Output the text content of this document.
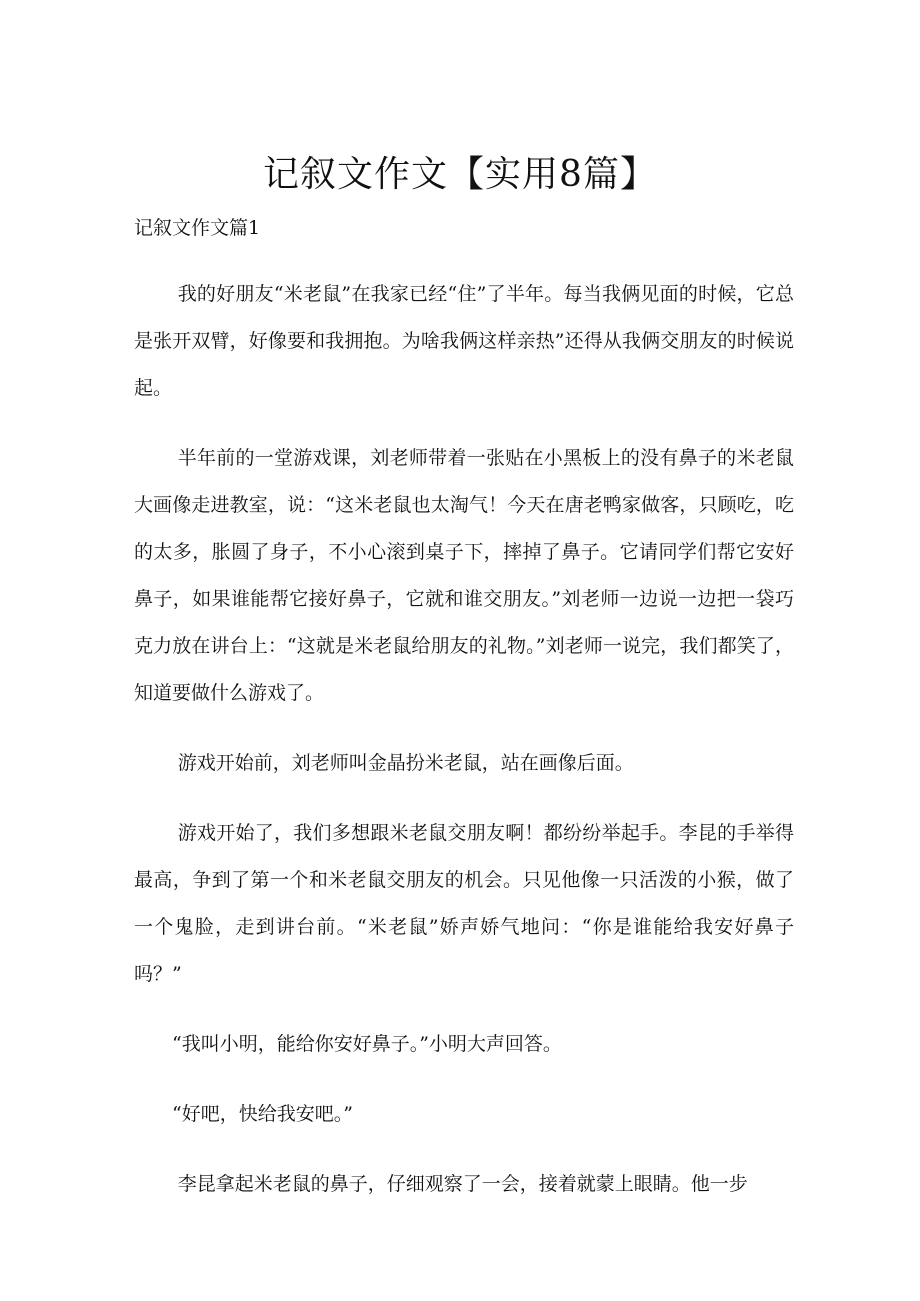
记叙文作文【实用8篇】
记叙文作文篇1

我的好朋友“米老鼠”在我家已经“住”了半年。每当我俩见面的时候，它总是张开双臂，好像要和我拥抱。为啥我俩这样亲热”还得从我俩交朋友的时候说起。

半年前的一堂游戏课，刘老师带着一张贴在小黑板上的没有鼻子的米老鼠大画像走进教室，说：“这米老鼠也太淘气！今天在唐老鸭家做客，只顾吃，吃的太多，胀圆了身子，不小心滚到桌子下，摔掉了鼻子。它请同学们帮它安好鼻子，如果谁能帮它接好鼻子，它就和谁交朋友。”刘老师一边说一边把一袋巧克力放在讲台上：“这就是米老鼠给朋友的礼物。”刘老师一说完，我们都笑了，知道要做什么游戏了。

游戏开始前，刘老师叫金晶扮米老鼠，站在画像后面。

游戏开始了，我们多想跟米老鼠交朋友啊！都纷纷举起手。李昆的手举得最高，争到了第一个和米老鼠交朋友的机会。只见他像一只活泼的小猴，做了一个鬼脸，走到讲台前。“米老鼠”娇声娇气地问：“你是谁能给我安好鼻子吗？”

“我叫小明，能给你安好鼻子。”小明大声回答。

“好吧，快给我安吧。”

李昆拿起米老鼠的鼻子，仔细观察了一会，接着就蒙上眼睛。他一步
